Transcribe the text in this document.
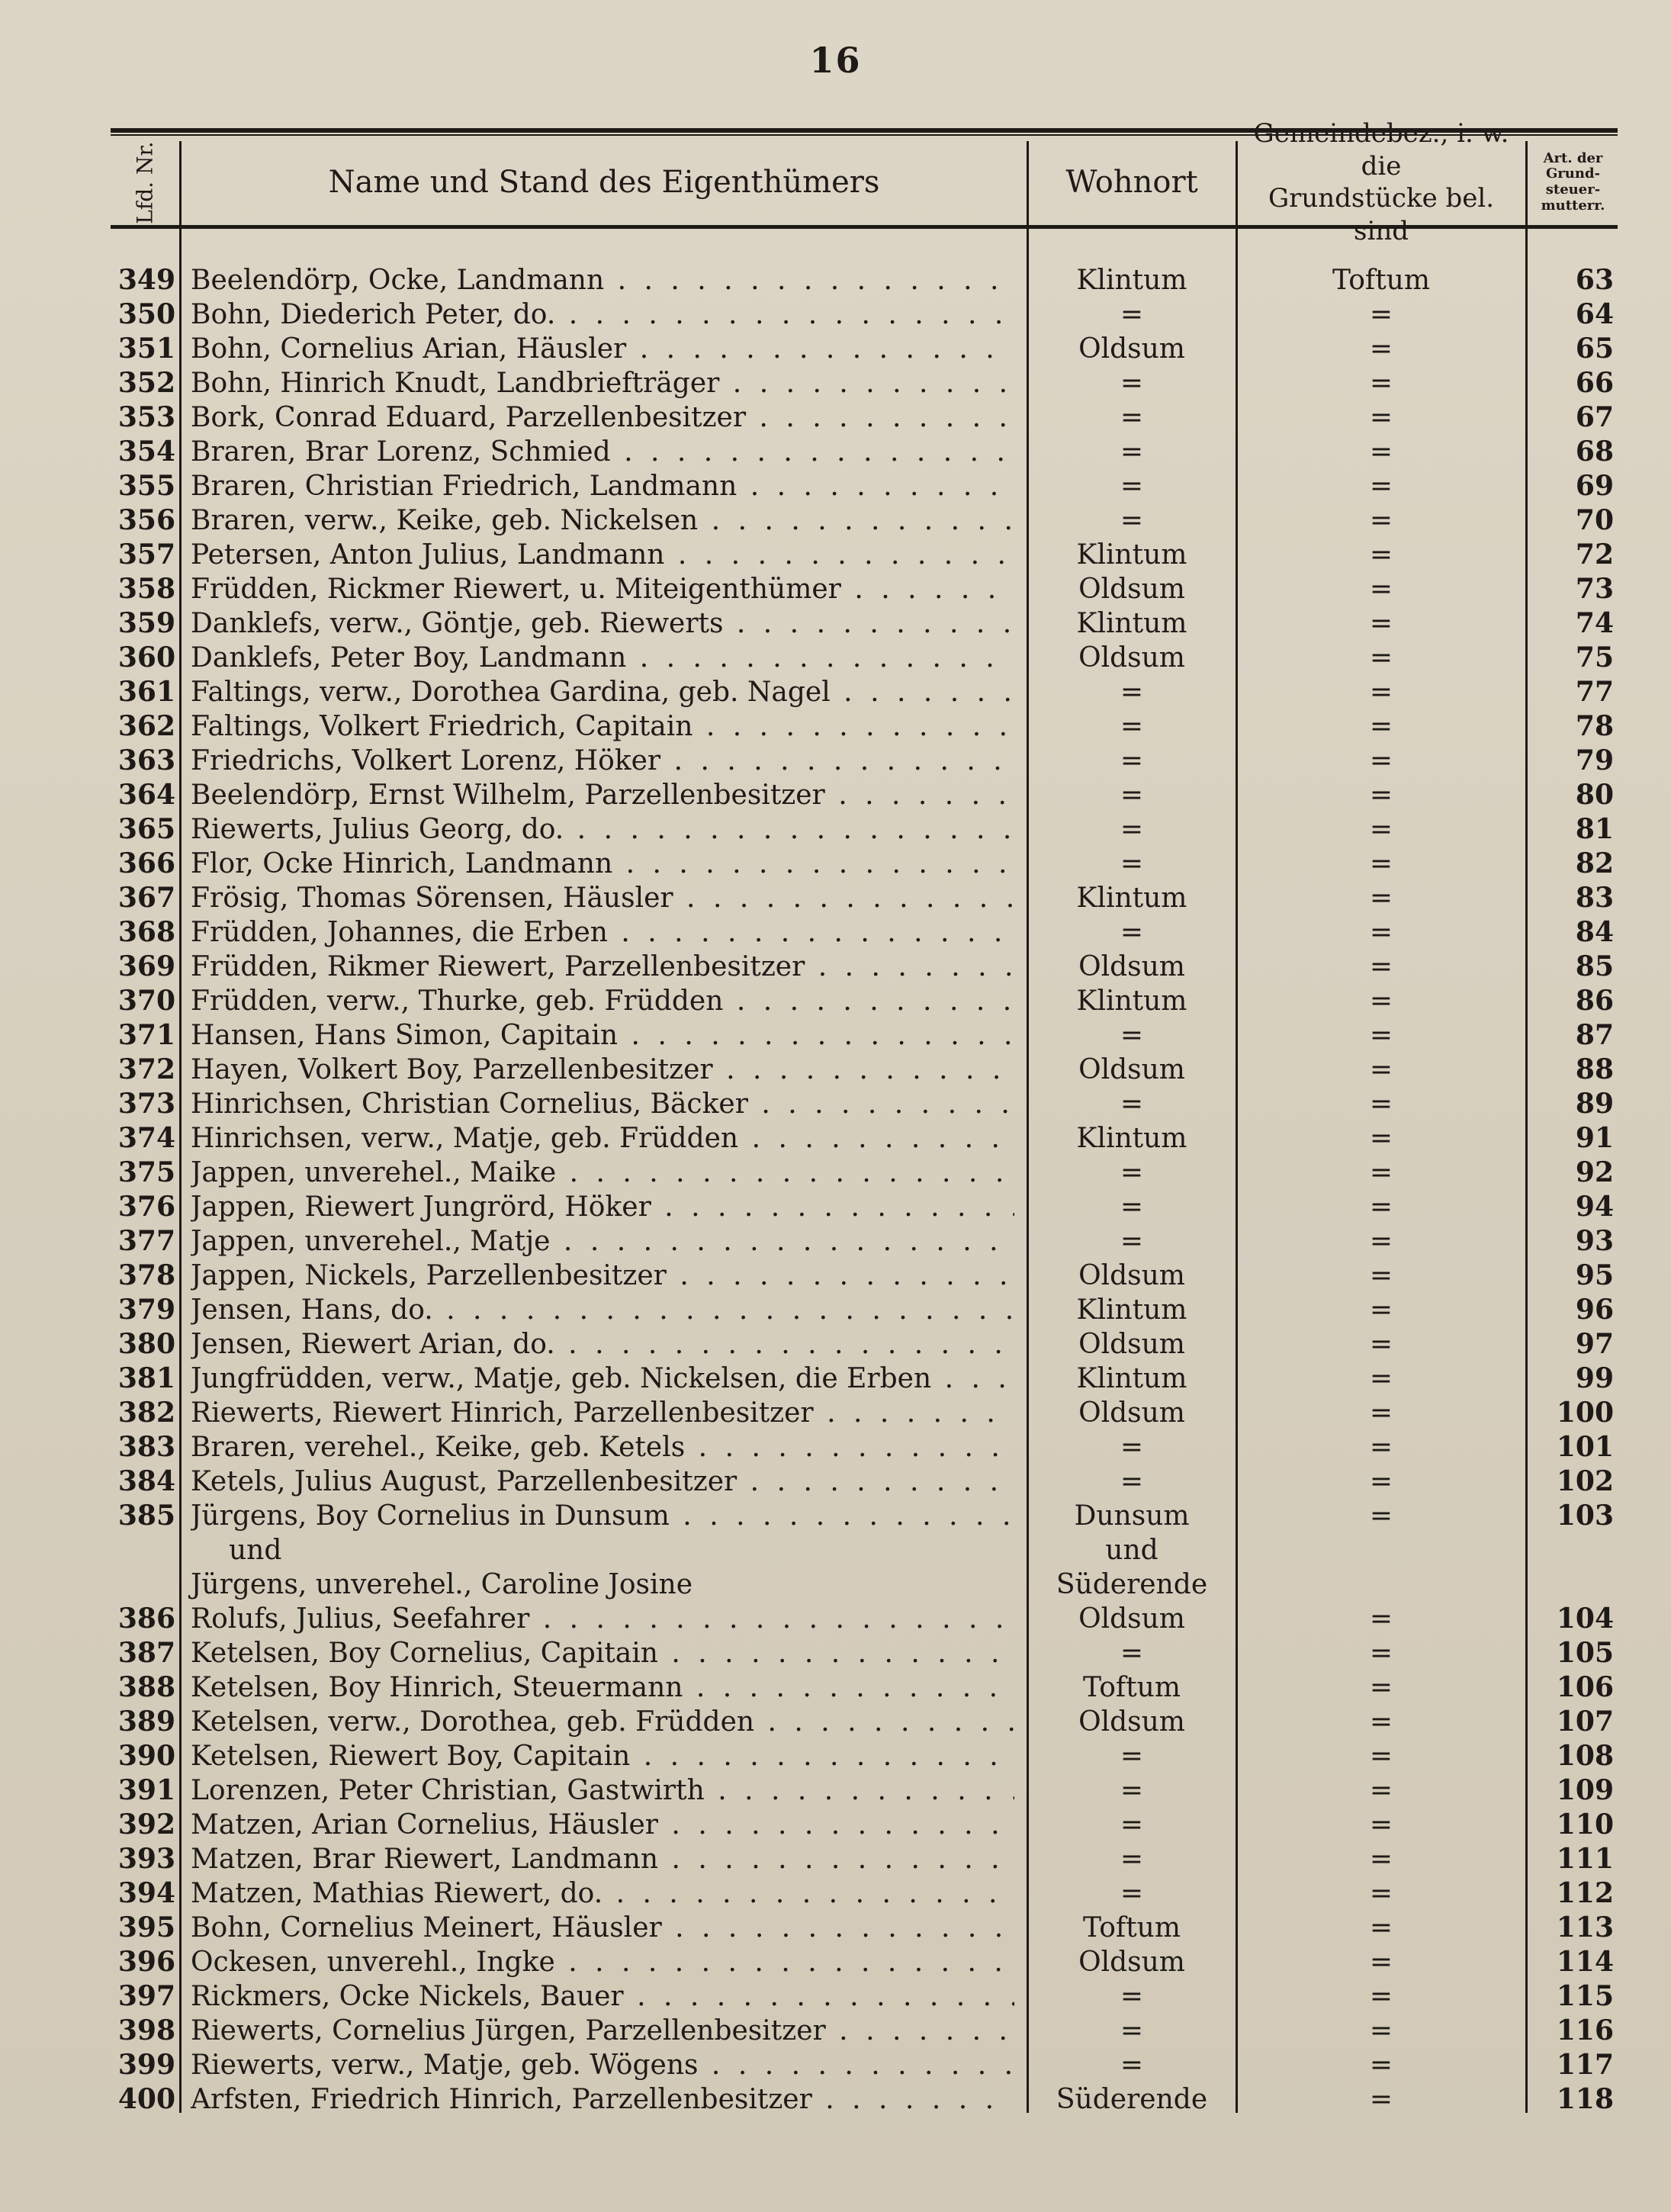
16
Lfd. Nr.	Name und Stand des Eigenthümers	Wohnort
Gemeindebez., i. w. die
Grundstücke bel. sind
Art. der
Grund-
steuer-
mutterr.
349 Beelendörp, Ocke, Landmann . . .	Klintum	Toftum	63
350 Bohn, Diederich Peter, do. . . .	=	=	64
351 Bohn, Cornelius Arian, Häusler . . .	Oldsum	=	65
352 Bohn, Hinrich Knudt, Landbriefträger . . .	=	=	66
353 Bork, Conrad Eduard, Parzellenbesitzer . . .	=	=	67
354 Braren, Brar Lorenz, Schmied . . .	=	=	68
355 Braren, Christian Friedrich, Landmann . . .	=	=	69
356 Braren, verw., Keike, geb. Nickelsen . . .	=	=	70
357 Petersen, Anton Julius, Landmann . . .	Klintum	=	72
358 Früdden, Rickmer Riewert, u. Miteigenthümer . . .	Oldsum	=	73
359 Danklefs, verw., Göntje, geb. Riewerts . . .	Klintum	=	74
360 Danklefs, Peter Boy, Landmann . . .	Oldsum	=	75
361 Faltings, verw., Dorothea Gardina, geb. Nagel . . .	=	=	77
362 Faltings, Volkert Friedrich, Capitain . . .	=	=	78
363 Friedrichs, Volkert Lorenz, Höker . . .	=	=	79
364 Beelendörp, Ernst Wilhelm, Parzellenbesitzer . . .	=	=	80
365 Riewerts, Julius Georg, do. . . .	=	=	81
366 Flor, Ocke Hinrich, Landmann . . .	=	=	82
367 Frösig, Thomas Sörensen, Häusler . . .	Klintum	=	83
368 Früdden, Johannes, die Erben . . .	=	=	84
369 Früdden, Rikmer Riewert, Parzellenbesitzer . . .	Oldsum	=	85
370 Früdden, verw., Thurke, geb. Früdden . . .	Klintum	=	86
371 Hansen, Hans Simon, Capitain . . .	=	=	87
372 Hayen, Volkert Boy, Parzellenbesitzer . . .	Oldsum	=	88
373 Hinrichsen, Christian Cornelius, Bäcker . . .	=	=	89
374 Hinrichsen, verw., Matje, geb. Früdden . . .	Klintum	=	91
375 Jappen, unverehel., Maike . . .	=	=	92
376 Jappen, Riewert Jungrörd, Höker . . .	=	=	94
377 Jappen, unverehel., Matje . . .	=	=	93
378 Jappen, Nickels, Parzellenbesitzer . . .	Oldsum	=	95
379 Jensen, Hans, do. . . .	Klintum	=	96
380 Jensen, Riewert Arian, do. . . .	Oldsum	=	97
381 Jungfrüdden, verw., Matje, geb. Nickelsen, die Erben . . .	Klintum	=	99
382 Riewerts, Riewert Hinrich, Parzellenbesitzer . . .	Oldsum	=	100
383 Braren, verehel., Keike, geb. Ketels . . .	=	=	101
384 Ketels, Julius August, Parzellenbesitzer . . .	=	=	102
385 Jürgens, Boy Cornelius in Dunsum . . .	Dunsum	=	103
und	und
Jürgens, unverehel., Caroline Josine	Süderende
386 Rolufs, Julius, Seefahrer . . .	Oldsum	=	104
387 Ketelsen, Boy Cornelius, Capitain . . .	=	=	105
388 Ketelsen, Boy Hinrich, Steuermann . . .	Toftum	=	106
389 Ketelsen, verw., Dorothea, geb. Früdden . . .	Oldsum	=	107
390 Ketelsen, Riewert Boy, Capitain . . .	=	=	108
391 Lorenzen, Peter Christian, Gastwirth . . .	=	=	109
392 Matzen, Arian Cornelius, Häusler . . .	=	=	110
393 Matzen, Brar Riewert, Landmann . . .	=	=	111
394 Matzen, Mathias Riewert, do. . . .	=	=	112
395 Bohn, Cornelius Meinert, Häusler . . .	Toftum	=	113
396 Ockesen, unverehl., Ingke . . .	Oldsum	=	114
397 Rickmers, Ocke Nickels, Bauer . . .	=	=	115
398 Riewerts, Cornelius Jürgen, Parzellenbesitzer . . .	=	=	116
399 Riewerts, verw., Matje, geb. Wögens . . .	=	=	117
400 Arfsten, Friedrich Hinrich, Parzellenbesitzer . . .	Süderende	=	118
